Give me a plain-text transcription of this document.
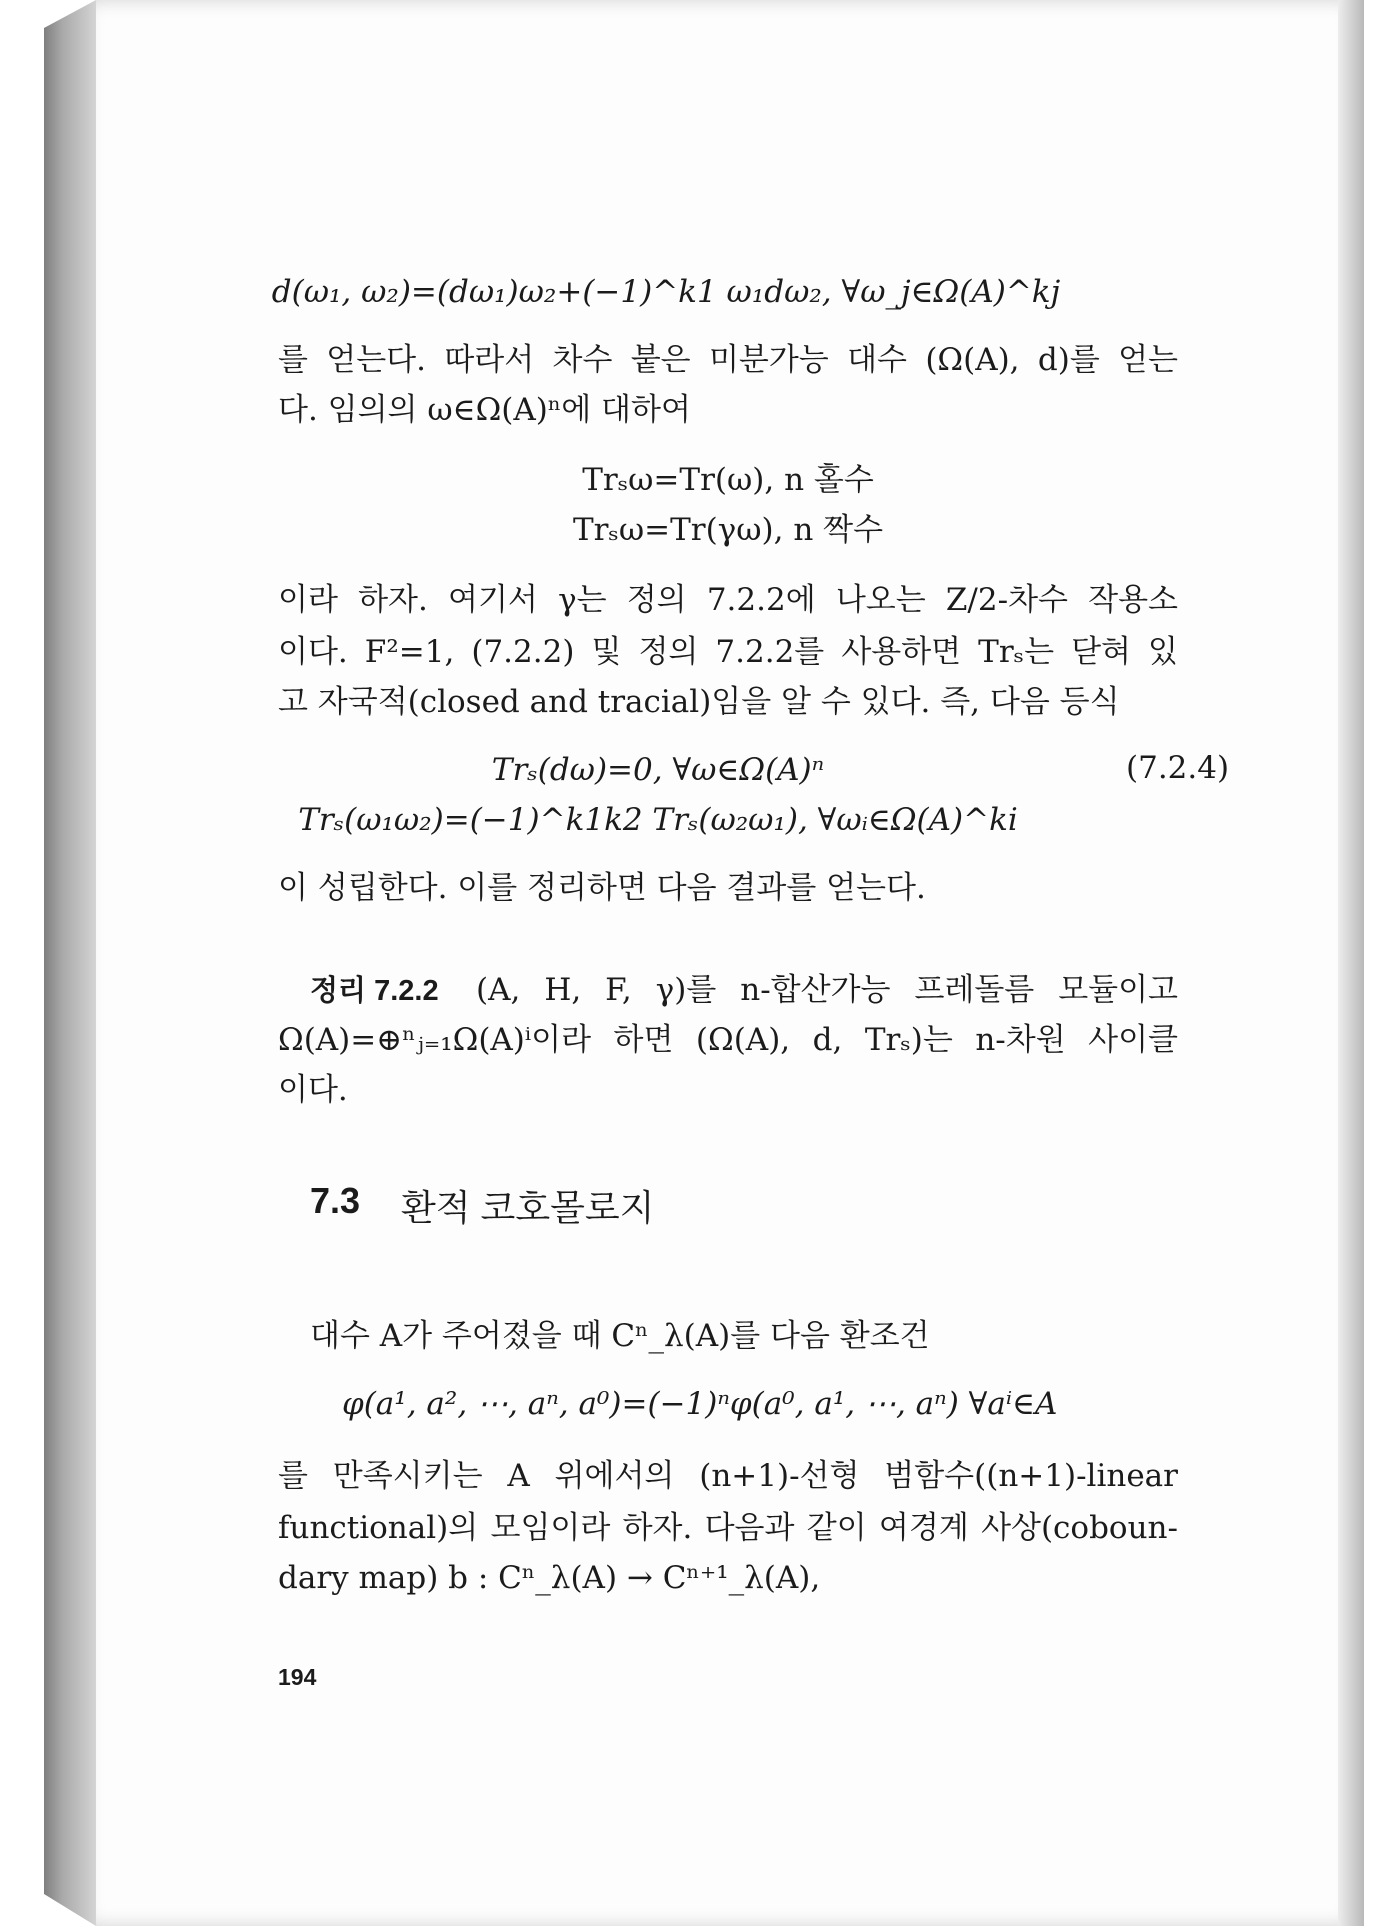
d(ω₁, ω₂)=(dω₁)ω₂+(−1)^k1 ω₁dω₂, ∀ω_j∈Ω(A)^kj
를 얻는다. 따라서 차수 붙은 미분가능 대수 (Ω(A), d)를 얻는
다. 임의의 ω∈Ω(A)ⁿ에 대하여
Trₛω=Tr(ω), n 홀수
Trₛω=Tr(γω), n 짝수
이라 하자. 여기서 γ는 정의 7.2.2에 나오는 Z/2-차수 작용소
이다. F²=1, (7.2.2) 및 정의 7.2.2를 사용하면 Trₛ는 닫혀 있
고 자국적(closed and tracial)임을 알 수 있다. 즉, 다음 등식
Trₛ(dω)=0, ∀ω∈Ω(A)ⁿ	(7.2.4)
Trₛ(ω₁ω₂)=(−1)^k1k2 Trₛ(ω₂ω₁), ∀ωᵢ∈Ω(A)^ki
이 성립한다. 이를 정리하면 다음 결과를 얻는다.
정리 7.2.2 (A, H, F, γ)를 n-합산가능 프레돌름 모듈이고
Ω(A)=⊕ⁿⱼ₌₁Ω(A)ⁱ이라 하면 (Ω(A), d, Trₛ)는 n-차원 사이클
이다.
7.3 환적 코호몰로지
대수 A가 주어졌을 때 Cⁿ_λ(A)를 다음 환조건
φ(a¹, a², ⋯, aⁿ, a⁰)=(−1)ⁿφ(a⁰, a¹, ⋯, aⁿ) ∀aⁱ∈A
를 만족시키는 A 위에서의 (n+1)-선형 범함수((n+1)-linear
functional)의 모임이라 하자. 다음과 같이 여경계 사상(coboun-
dary map) b : Cⁿ_λ(A) → Cⁿ⁺¹_λ(A),
194
